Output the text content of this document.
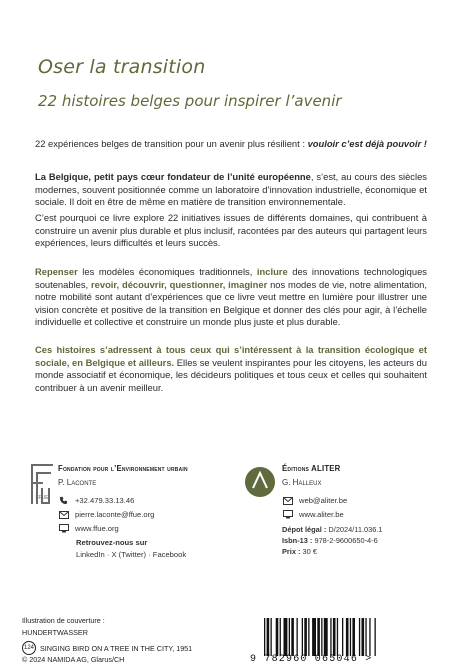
Oser la transition
22 histoires belges pour inspirer l’avenir

22 expériences belges de transition pour un avenir plus résilient : vouloir c’est déjà pouvoir !

La Belgique, petit pays cœur fondateur de l’unité européenne, s’est, au cours des siècles modernes, souvent positionnée comme un laboratoire d’innovation industrielle, économique et sociale. Il doit en être de même en matière de transition environnementale.

C’est pourquoi ce livre explore 22 initiatives issues de différents domaines, qui contribuent à construire un avenir plus durable et plus inclusif, racontées par des auteurs qui partagent leurs expériences, leurs difficultés et leurs succès.

Repenser les modèles économiques traditionnels, inclure des innovations technologiques soutenables, revoir, découvrir, questionner, imaginer nos modes de vie, notre alimentation, notre mobilité sont autant d’expériences que ce livre veut mettre en lumière pour illustrer une vision concrète et positive de la transition en Belgique et donner des clés pour agir, à l’échelle individuelle et collective et construire un monde plus juste et plus durable.

Ces histoires s’adressent à tous ceux qui s’intéressent à la transition écologique et sociale, en Belgique et ailleurs. Elles se veulent inspirantes pour les citoyens, les acteurs du monde associatif et économique, les décideurs politiques et tous ceux et celles qui souhaitent contribuer à un avenir meilleur.

FFUE
Fondation pour l’Environnement urbain
P. Laconte
+32.479.33.13.46
pierre.laconte@ffue.org
www.ffue.org
Retrouvez-nous sur
LinkedIn · X (Twitter) · Facebook
Éditions ALITER
G. Halleux
web@aliter.be
www.aliter.be
Dépot légal : D/2024/11.036.1
Isbn-13 : 978-2-9600650-4-6
Prix : 30 €
Illustration de couverture :
HUNDERTWASSER
124 SINGING BIRD ON A TREE IN THE CITY, 1951
© 2024 NAMIDA AG, Glarus/CH	9 782960 065046 >
